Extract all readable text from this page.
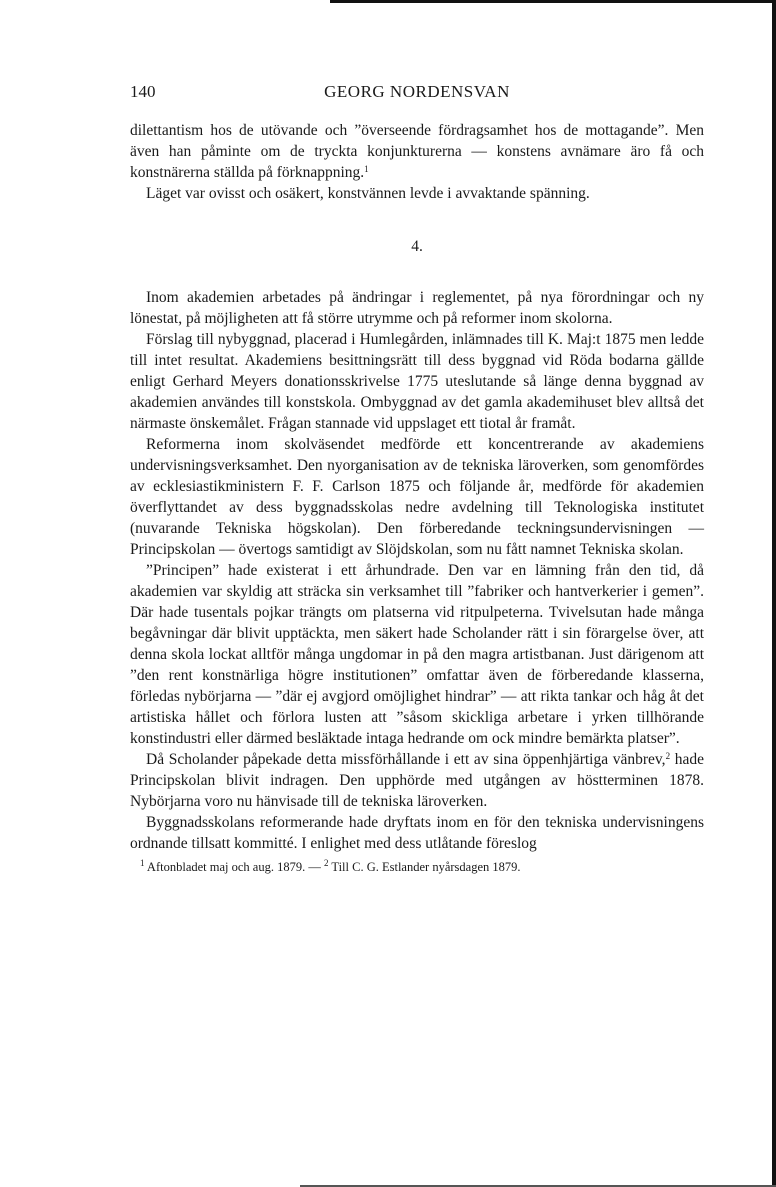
140	GEORG NORDENSVAN

dilettantism hos de utövande och ”överseende fördragsamhet hos de mottagande”. Men även han påminte om de tryckta konjunkturerna — konstens avnämare äro få och konstnärerna ställda på förknappning.$^1$

Läget var ovisst och osäkert, konstvännen levde i avvaktande spänning.

4.

Inom akademien arbetades på ändringar i reglementet, på nya förordningar och ny lönestat, på möjligheten att få större utrymme och på reformer inom skolorna.

Förslag till nybyggnad, placerad i Humlegården, inlämnades till K. Maj:t 1875 men ledde till intet resultat. Akademiens besittningsrätt till dess byggnad vid Röda bodarna gällde enligt Gerhard Meyers donationsskrivelse 1775 uteslutande så länge denna byggnad av akademien användes till konstskola. Ombyggnad av det gamla akademihuset blev alltså det närmaste önskemålet. Frågan stannade vid uppslaget ett tiotal år framåt.

Reformerna inom skolväsendet medförde ett koncentrerande av akademiens undervisningsverksamhet. Den nyorganisation av de tekniska läroverken, som genomfördes av ecklesiastikministern F. F. Carlson 1875 och följande år, medförde för akademien överflyttandet av dess byggnadsskolas nedre avdelning till Teknologiska institutet (nuvarande Tekniska högskolan). Den förberedande teckningsundervisningen — Principskolan — övertogs samtidigt av Slöjdskolan, som nu fått namnet Tekniska skolan.

”Principen” hade existerat i ett århundrade. Den var en lämning från den tid, då akademien var skyldig att sträcka sin verksamhet till ”fabriker och hantverkerier i gemen”. Där hade tusentals pojkar trängts om platserna vid ritpulpeterna. Tvivelsutan hade många begåvningar där blivit upptäckta, men säkert hade Scholander rätt i sin förargelse över, att denna skola lockat alltför många ungdomar in på den magra artistbanan. Just därigenom att ”den rent konstnärliga högre institutionen” omfattar även de förberedande klasserna, förledas nybörjarna — ”där ej avgjord omöjlighet hindrar” — att rikta tankar och håg åt det artistiska hållet och förlora lusten att ”såsom skickliga arbetare i yrken tillhörande konstindustri eller därmed besläktade intaga hedrande om ock mindre bemärkta platser”.

Då Scholander påpekade detta missförhållande i ett av sina öppenhjärtiga vänbrev,$^2$ hade Principskolan blivit indragen. Den upphörde med utgången av höstterminen 1878. Nybörjarna voro nu hänvisade till de tekniska läroverken.

Byggnadsskolans reformerande hade dryftats inom en för den tekniska undervisningens ordnande tillsatt kommitté. I enlighet med dess utlåtande föreslog

$^1$ Aftonbladet maj och aug. 1879. — $^2$ Till C. G. Estlander nyårsdagen 1879.
